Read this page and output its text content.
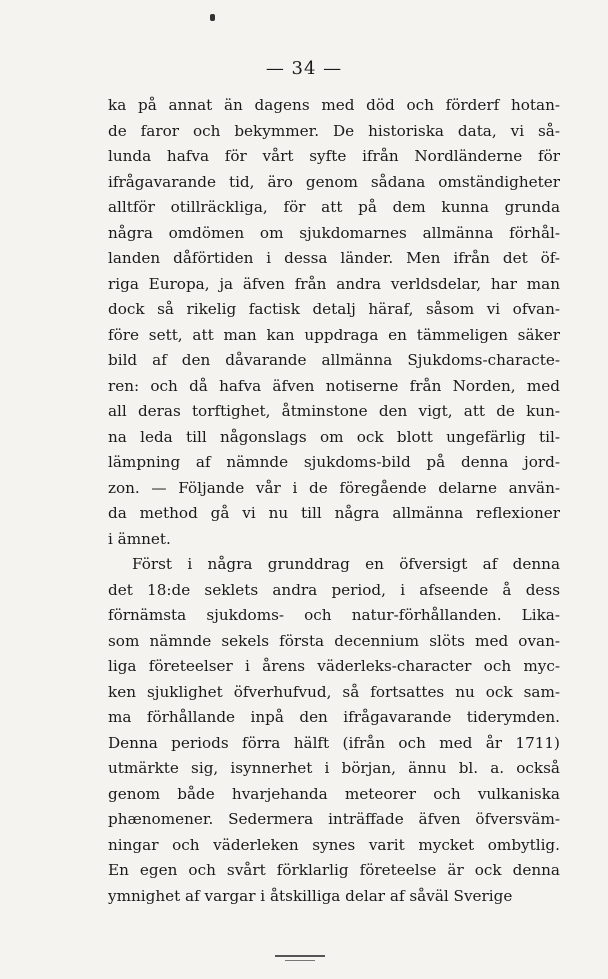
— 34 —
ka på annat än dagens med död och förderf hotan-
de faror och bekymmer. De historiska data, vi så-
lunda hafva för vårt syfte ifrån Nordländerne för
ifrågavarande tid, äro genom sådana omständigheter
alltför otillräckliga, för att på dem kunna grunda
några omdömen om sjukdomarnes allmänna förhål-
landen dåförtiden i dessa länder. Men ifrån det öf-
riga Europa, ja äfven från andra verldsdelar, har man
dock så rikelig factisk detalj häraf, såsom vi ofvan-
före sett, att man kan uppdraga en tämmeligen säker
bild af den dåvarande allmänna Sjukdoms-characte-
ren: och då hafva äfven notiserne från Norden, med
all deras torftighet, åtminstone den vigt, att de kun-
na leda till någonslags om ock blott ungefärlig til-
lämpning af nämnde sjukdoms-bild på denna jord-
zon. — Följande vår i de föregående delarne använ-
da method gå vi nu till några allmänna reflexioner
i ämnet.
Först i några grunddrag en öfversigt af denna
det 18:de seklets andra period, i afseende å dess
förnämsta sjukdoms- och natur-förhållanden. Lika-
som nämnde sekels första decennium slöts med ovan-
liga företeelser i årens väderleks-character och myc-
ken sjuklighet öfverhufvud, så fortsattes nu ock sam-
ma förhållande inpå den ifrågavarande tiderymden.
Denna periods förra hälft (ifrån och med år 1711)
utmärkte sig, isynnerhet i början, ännu bl. a. också
genom både hvarjehanda meteorer och vulkaniska
phænomener. Sedermera inträffade äfven öfversväm-
ningar och väderleken synes varit mycket ombytlig.
En egen och svårt förklarlig företeelse är ock denna
ymnighet af vargar i åtskilliga delar af såväl Sverige
